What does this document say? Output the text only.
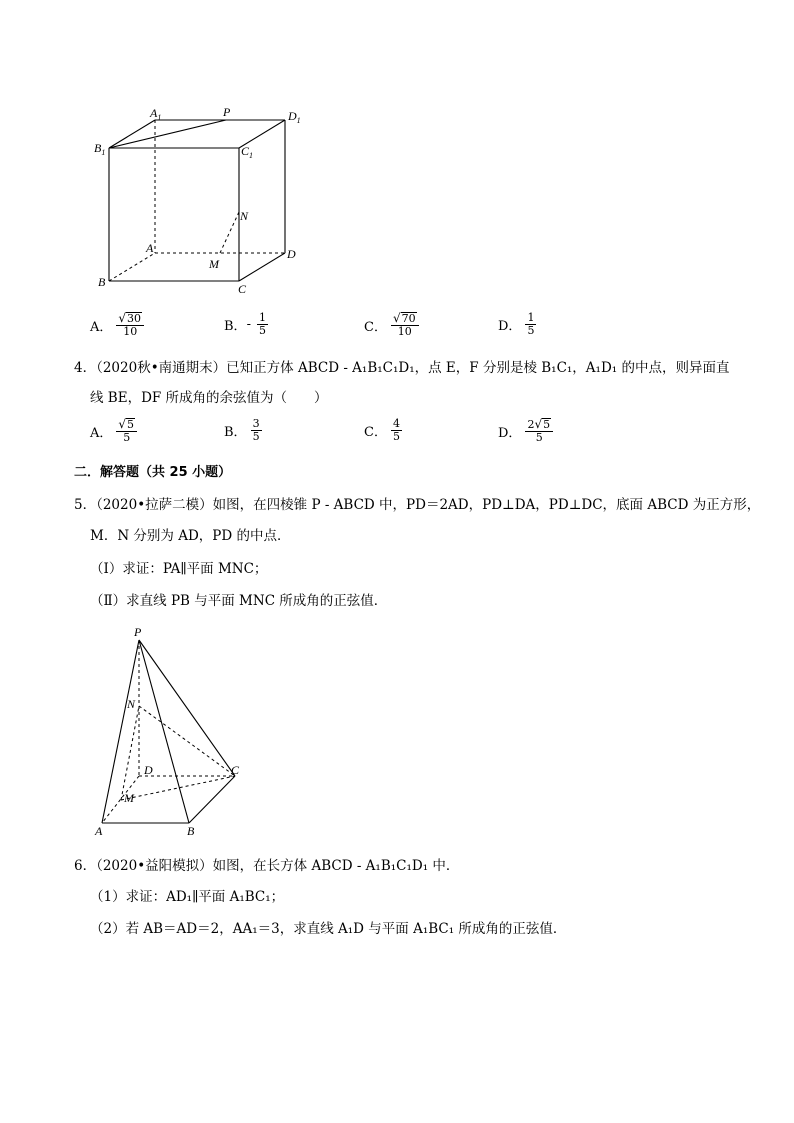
$A_1$	P	$D_1$
$B_1$	$C_1$
N
A
M
D
B	C
A． $\frac{√ 30}{10}$	B． - $\frac{1}{5}$	C． $\frac{√ 70}{10}$	D． $\frac{1}{5}$
4．（2020秋•南通期末）已知正方体 ABCD - A₁B₁C₁D₁，点 E，F 分别是棱 B₁C₁，A₁D₁ 的中点，则异面直
线 BE，DF 所成角的余弦值为（　　）
A． $\frac{√ 5}{5}$	B． $\frac{3}{5}$	C． $\frac{4}{5}$	D． $\frac{2 √ 5}{5}$
二．解答题（共 25 小题）
5．（2020•拉萨二模）如图，在四棱锥 P - ABCD 中，PD＝2AD，PD⊥DA，PD⊥DC，底面 ABCD 为正方形，
M．N 分别为 AD，PD 的中点．
（Ⅰ）求证：PA∥平面 MNC；
（Ⅱ）求直线 PB 与平面 MNC 所成角的正弦值．
P
N
D	C
M
A	B
6．（2020•益阳模拟）如图，在长方体 ABCD - A₁B₁C₁D₁ 中．
（1）求证：AD₁∥平面 A₁BC₁；
（2）若 AB＝AD＝2，AA₁＝3，求直线 A₁D 与平面 A₁BC₁ 所成角的正弦值．
